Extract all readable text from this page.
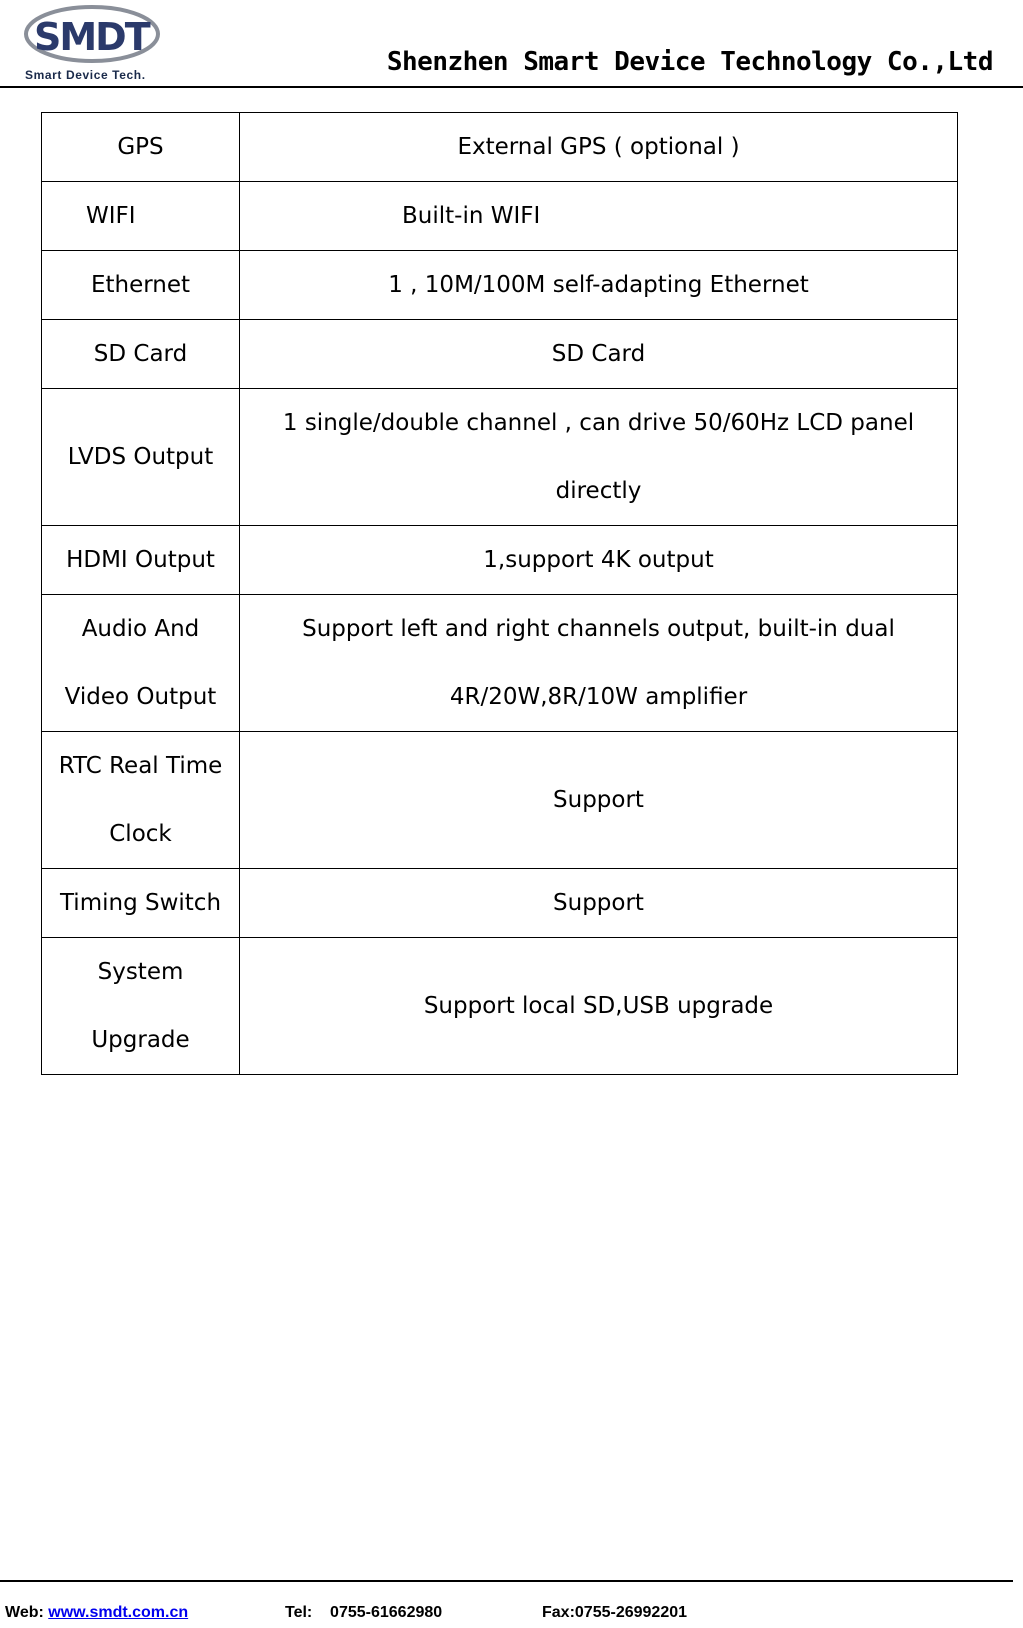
SMDT
Smart Device Tech.	Shenzhen Smart Device Technology Co.,Ltd
GPS	External GPS ( optional )
WIFI	Built-in WIFI
Ethernet	1 , 10M/100M self-adapting Ethernet
SD Card	SD Card
LVDS Output	1 single/double channel , can drive 50/60Hz LCD panel directly
HDMI Output	1,support 4K output
Audio And Video Output	Support left and right channels output, built-in dual 4R/20W,8R/10W amplifier
RTC Real Time Clock	Support
Timing Switch	Support
System Upgrade	Support local SD,USB upgrade
Web: www.smdt.com.cn	Tel: 0755-61662980	Fax:0755-26992201
